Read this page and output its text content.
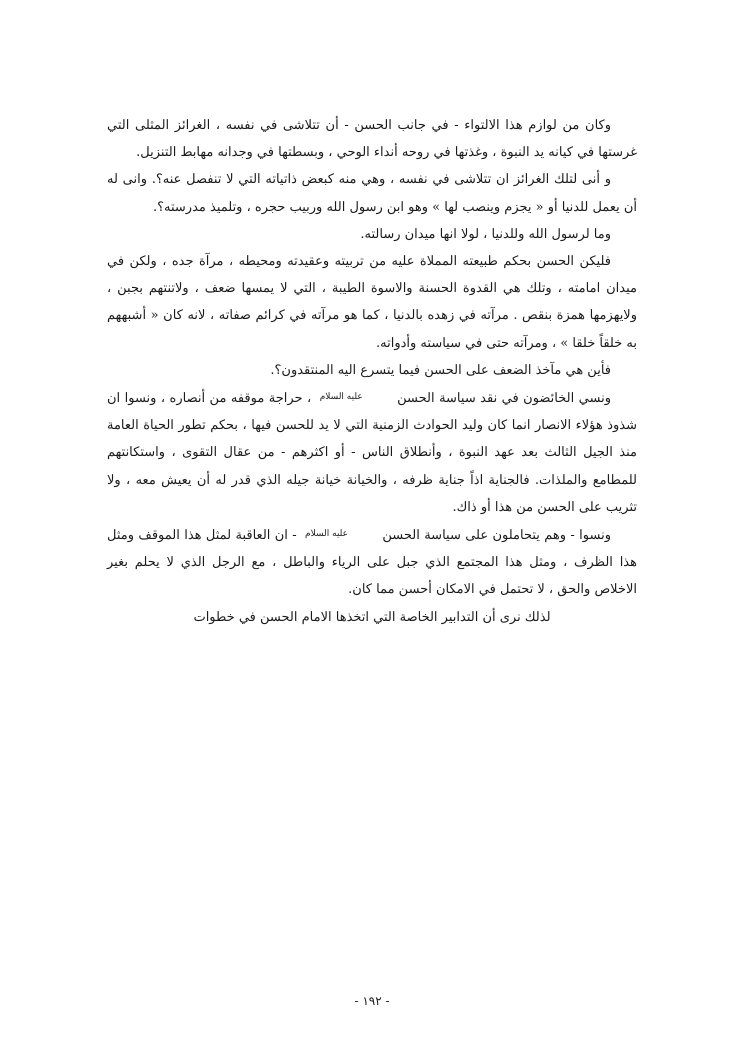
وكان من لوازم هذا الالتواء - في جانب الحسن - أن تتلاشى في نفسه ، الغرائز المثلى التي غرستها في كيانه يد النبوة ، وغذتها في روحه أنداء الوحي ، وبسطتها في وجدانه مهابط التنزيل.

و أنى لتلك الغرائز ان تتلاشى في نفسه ، وهي منه كبعض ذاتياته التي لا تنفصل عنه؟. وانى له أن يعمل للدنيا أو « يجزم وينصب لها » وهو ابن رسول الله وربيب حجره ، وتلميذ مدرسته؟.

وما لرسول الله وللدنيا ، لولا انها ميدان رسالته.

فليكن الحسن بحكم طبيعته المملاة عليه من تربيته وعقيدته ومحيطه ، مرآة جده ، ولكن في ميدان امامته ، وتلك هي القدوة الحسنة والاسوة الطيبة ، التي لا يمسها ضعف ، ولاتنتهم بجبن ، ولايهزمها همزة بنقص . مرآته في زهده بالدنيا ، كما هو مرآته في كرائم صفاته ، لانه كان « أشبههم به خلقاً خلقا » ، ومرآته حتى في سياسته وأدواته.

فأين هي مآخذ الضعف على الحسن فيما يتسرع اليه المنتقدون؟.

ونسي الخائضون في نقد سياسة الحسن عليه السلام ، حراجة موقفه من أنصاره ، ونسوا ان شذوذ هؤلاء الانصار انما كان وليد الحوادث الزمنية التي لا يد للحسن فيها ، بحكم تطور الحياة العامة منذ الجيل الثالث بعد عهد النبوة ، وأنطلاق الناس - أو اكثرهم - من عقال التقوى ، واستكانتهم للمطامع والملذات. فالجناية اذاً جناية ظرفه ، والخيانة خيانة جيله الذي قدر له أن يعيش معه ، ولا تثريب على الحسن من هذا أو ذاك.

ونسوا - وهم يتحاملون على سياسة الحسن عليه السلام - ان العاقبة لمثل هذا الموقف ومثل هذا الظرف ، ومثل هذا المجتمع الذي جبل على الرياء والباطل ، مع الرجل الذي لا يحلم بغير الاخلاص والحق ، لا تحتمل في الامكان أحسن مما كان.

لذلك نرى أن التدابير الخاصة التي اتخذها الامام الحسن في خطوات

- ١٩٢ -
